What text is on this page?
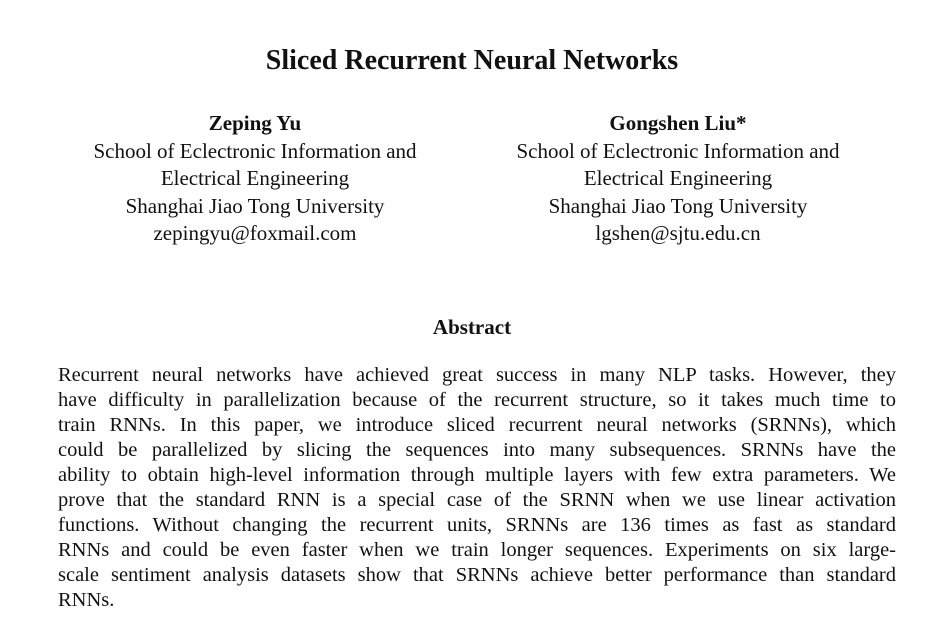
Sliced Recurrent Neural Networks
Zeping Yu
School of Eclectronic Information and
Electrical Engineering
Shanghai Jiao Tong University
zepingyu@foxmail.com
Gongshen Liu*
School of Eclectronic Information and
Electrical Engineering
Shanghai Jiao Tong University
lgshen@sjtu.edu.cn
Abstract

Recurrent neural networks have achieved great success in many NLP tasks. However, they
have difficulty in parallelization because of the recurrent structure, so it takes much time to
train RNNs. In this paper, we introduce sliced recurrent neural networks (SRNNs), which
could be parallelized by slicing the sequences into many subsequences. SRNNs have the
ability to obtain high-level information through multiple layers with few extra parameters. We
prove that the standard RNN is a special case of the SRNN when we use linear activation
functions. Without changing the recurrent units, SRNNs are 136 times as fast as standard
RNNs and could be even faster when we train longer sequences. Experiments on six large-
scale sentiment analysis datasets show that SRNNs achieve better performance than standard
RNNs.
